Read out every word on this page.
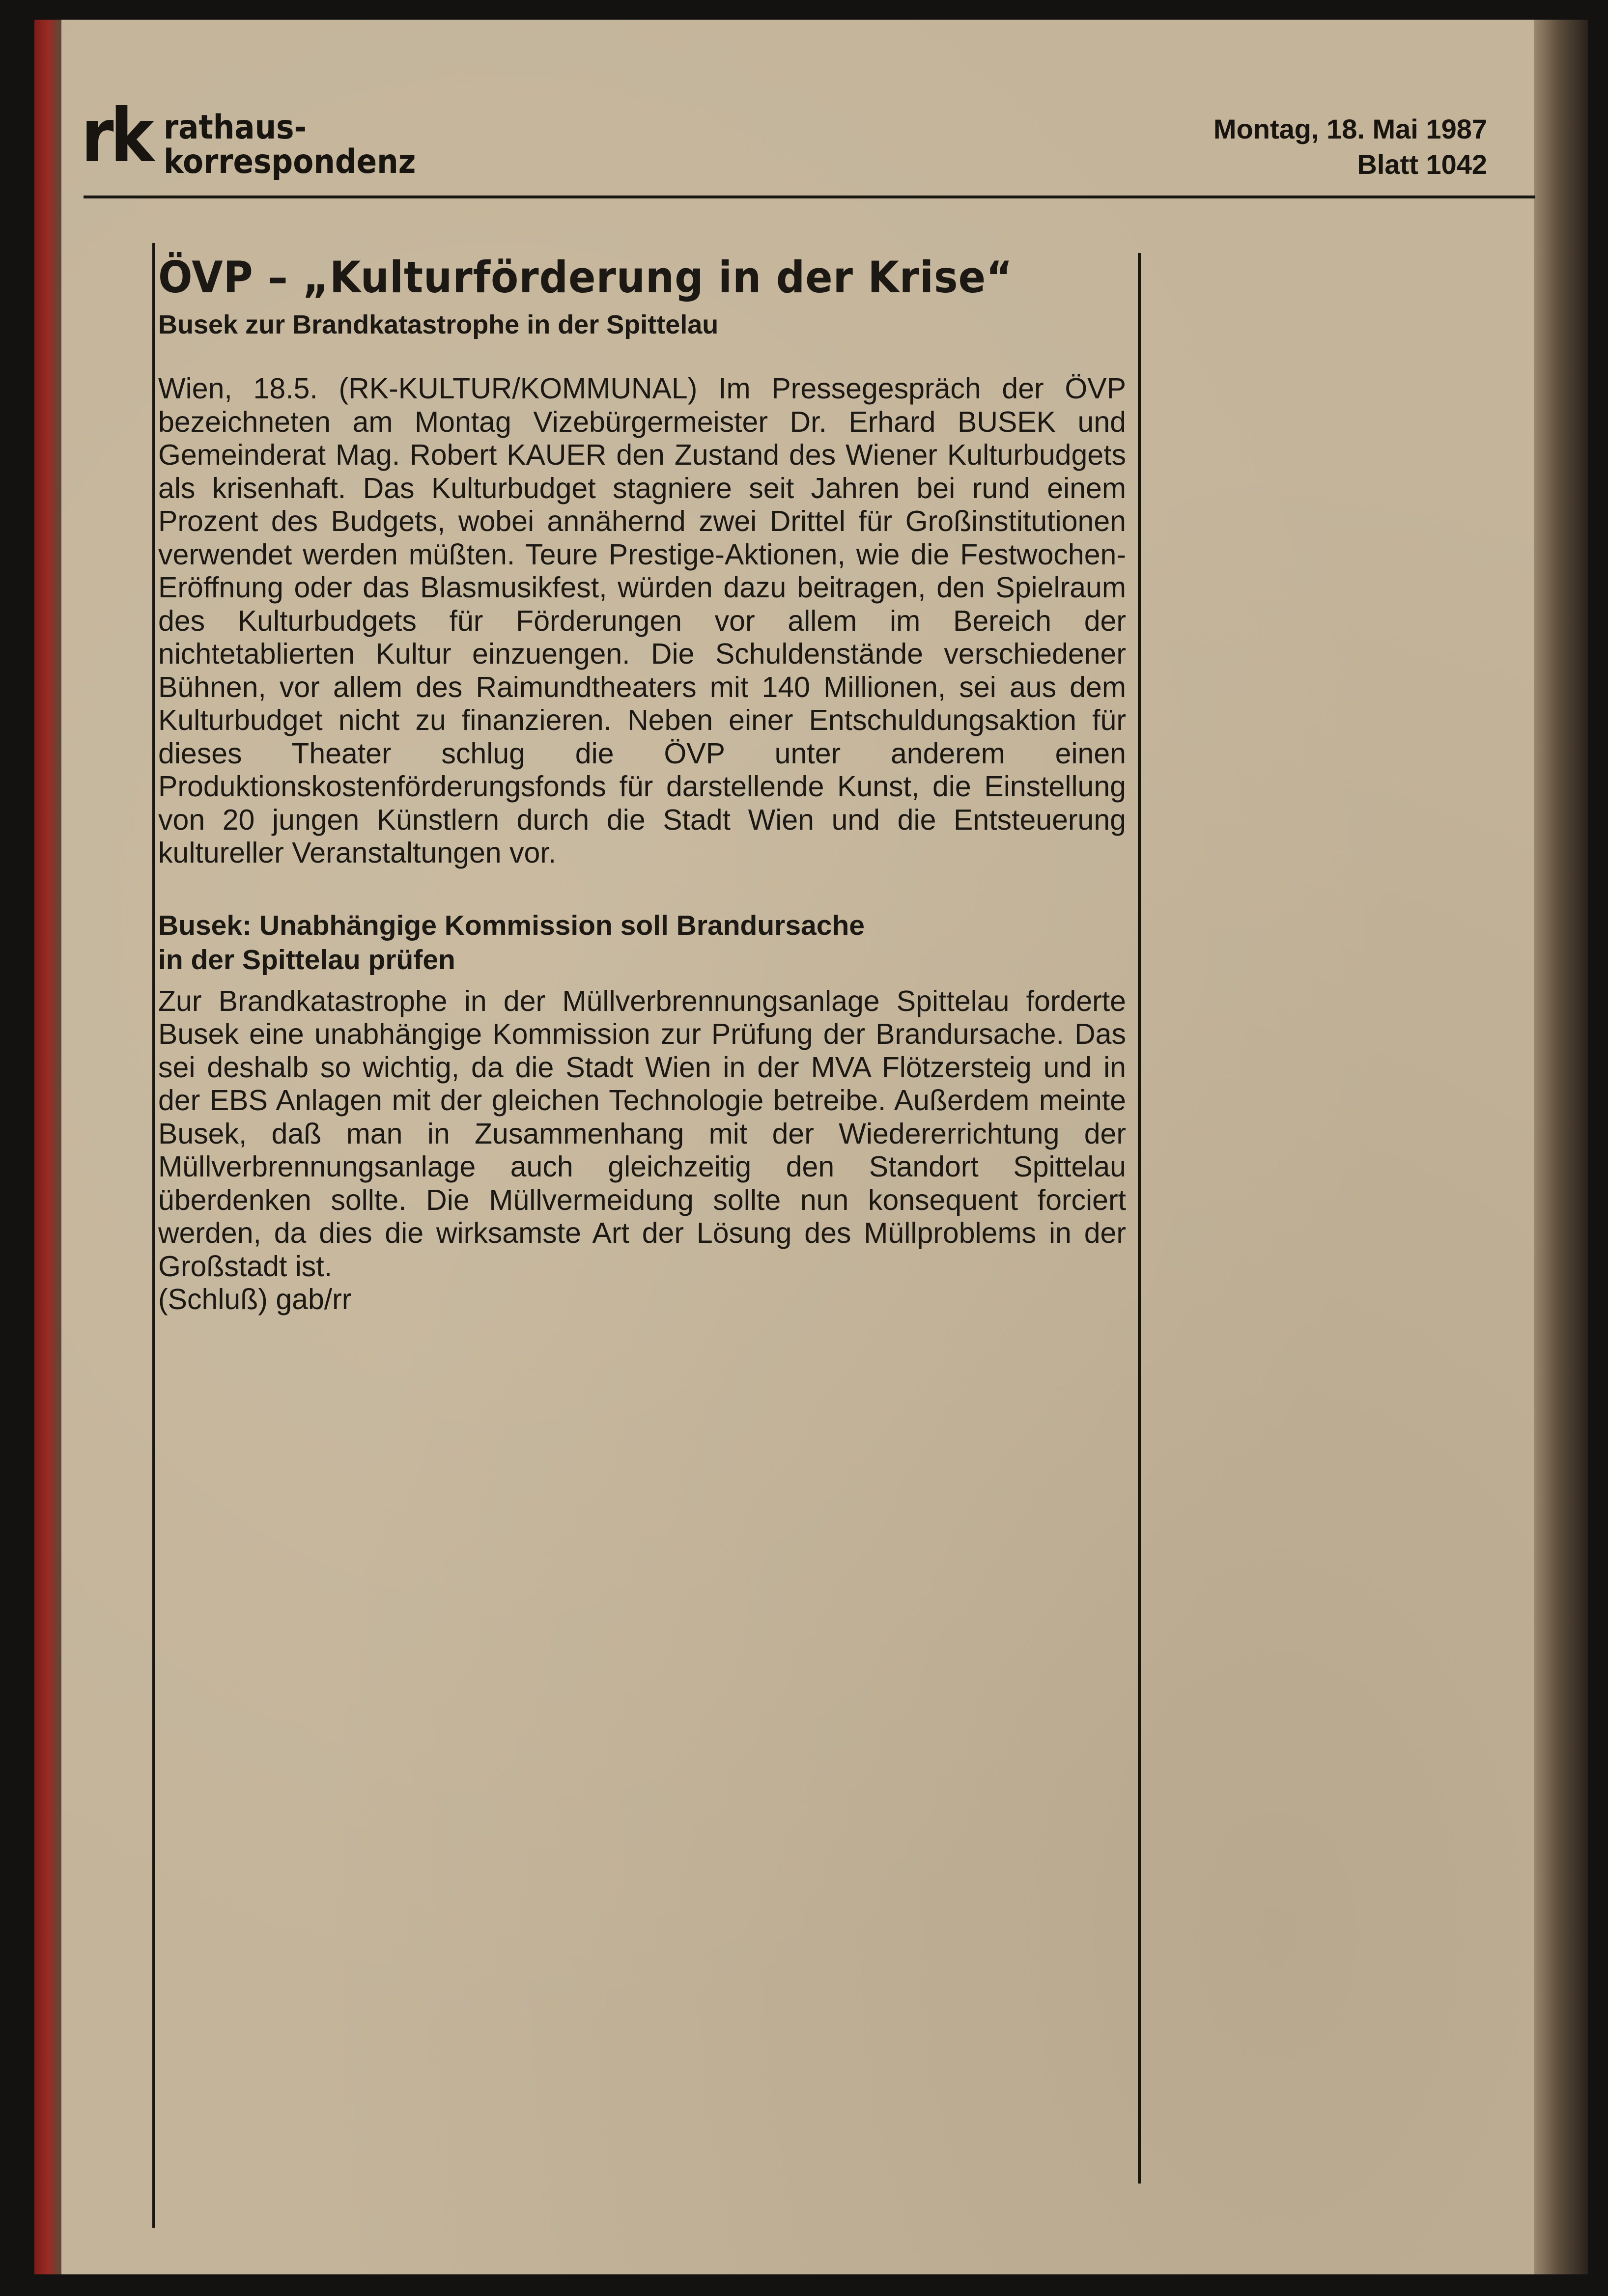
rk rathaus-
korrespondenz
Montag, 18. Mai 1987
Blatt 1042
ÖVP – „Kulturförderung in der Krise“

Busek zur Brandkatastrophe in der Spittelau

Wien, 18.5. (RK-KULTUR/KOMMUNAL) Im Pressegespräch der ÖVP bezeichneten am Montag Vizebürgermeister Dr. Erhard BUSEK und Gemeinderat Mag. Robert KAUER den Zustand des Wiener Kulturbudgets als krisenhaft. Das Kulturbudget stagniere seit Jahren bei rund einem Prozent des Budgets, wobei annähernd zwei Drittel für Großinstitutionen verwendet werden müßten. Teure Prestige-Aktionen, wie die Festwochen-Eröffnung oder das Blasmusikfest, würden dazu beitragen, den Spielraum des Kulturbudgets für Förderungen vor allem im Bereich der nichtetablierten Kultur einzuengen. Die Schuldenstände verschiedener Bühnen, vor allem des Raimundtheaters mit 140 Millionen, sei aus dem Kulturbudget nicht zu finanzieren. Neben einer Entschuldungsaktion für dieses Theater schlug die ÖVP unter anderem einen Produktionskostenförderungsfonds für darstellende Kunst, die Einstellung von 20 jungen Künstlern durch die Stadt Wien und die Entsteuerung kultureller Veranstaltungen vor.

Busek: Unabhängige Kommission soll Brandursache
in der Spittelau prüfen

Zur Brandkatastrophe in der Müllverbrennungsanlage Spittelau forderte Busek eine unabhängige Kommission zur Prüfung der Brandursache. Das sei deshalb so wichtig, da die Stadt Wien in der MVA Flötzersteig und in der EBS Anlagen mit der gleichen Technologie betreibe. Außerdem meinte Busek, daß man in Zusammenhang mit der Wiedererrichtung der Müllverbrennungsanlage auch gleichzeitig den Standort Spittelau überdenken sollte. Die Müllvermeidung sollte nun konsequent forciert werden, da dies die wirksamste Art der Lösung des Müllproblems in der Großstadt ist.

(Schluß) gab/rr
